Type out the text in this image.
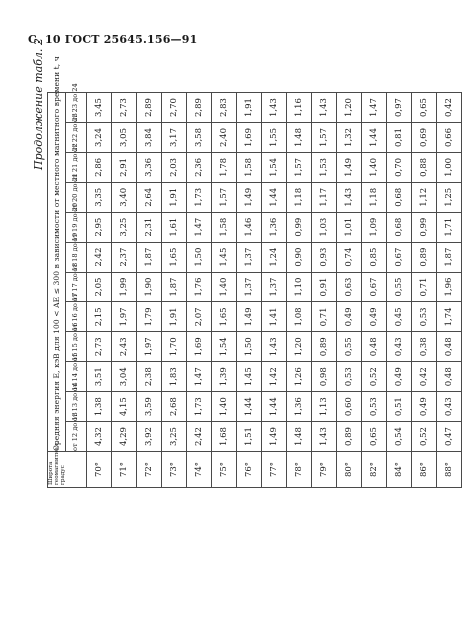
С. 10 ГОСТ 25645.156—91
Продолжение табл. 2
Широта геомагнитная, градус	Средняя энергия E, кэВ для 100 < AE ≤ 300 в зависимости от местного магнитного времени t, ч											
	от 12 до 13	от 13 до 14	от 14 до 15	от 15 до 16	от 16 до 17	от 17 до 18	от 18 до 19	от 19 до 20	от 20 до 21	от 21 до 22	от 22 до 23	от 23 до 24
70°	4,32	1,38	3,51	2,73	2,15	2,05	2,42	2,95	3,35	2,86	3,24	3,45
71°	4,29	4,15	3,04	2,43	1,97	1,99	2,37	3,25	3,40	2,91	3,05	2,73
72°	3,92	3,59	2,38	1,97	1,79	1,90	1,87	2,31	2,64	3,36	3,84	2,89
73°	3,25	2,68	1,83	1,70	1,91	1,87	1,65	1,61	1,91	2,03	3,17	2,70
74°	2,42	1,73	1,47	1,69	2,07	1,76	1,50	1,47	1,73	2,36	3,58	2,89
75°	1,68	1,40	1,39	1,54	1,65	1,40	1,45	1,58	1,57	1,78	2,40	2,83
76°	1,51	1,44	1,45	1,50	1,49	1,37	1,37	1,46	1,49	1,58	1,69	1,91
77°	1,49	1,44	1,42	1,43	1,41	1,37	1,24	1,36	1,44	1,54	1,55	1,43
78°	1,48	1,36	1,26	1,20	1,08	1,10	0,90	0,99	1,18	1,57	1,48	1,16
79°	1,43	1,13	0,98	0,89	0,71	0,91	0,93	1,03	1,17	1,53	1,57	1,43
80°	0,89	0,60	0,53	0,55	0,49	0,63	0,74	1,01	1,43	1,49	1,32	1,20
82°	0,65	0,53	0,52	0,48	0,49	0,67	0,85	1,09	1,18	1,40	1,44	1,47
84°	0,54	0,51	0,49	0,43	0,45	0,55	0,67	0,68	0,68	0,70	0,81	0,97
86°	0,52	0,49	0,42	0,38	0,53	0,71	0,89	0,99	1,12	0,88	0,69	0,65
88°	0,47	0,43	0,48	0,48	1,74	1,96	1,87	1,71	1,25	1,00	0,66	0,42
